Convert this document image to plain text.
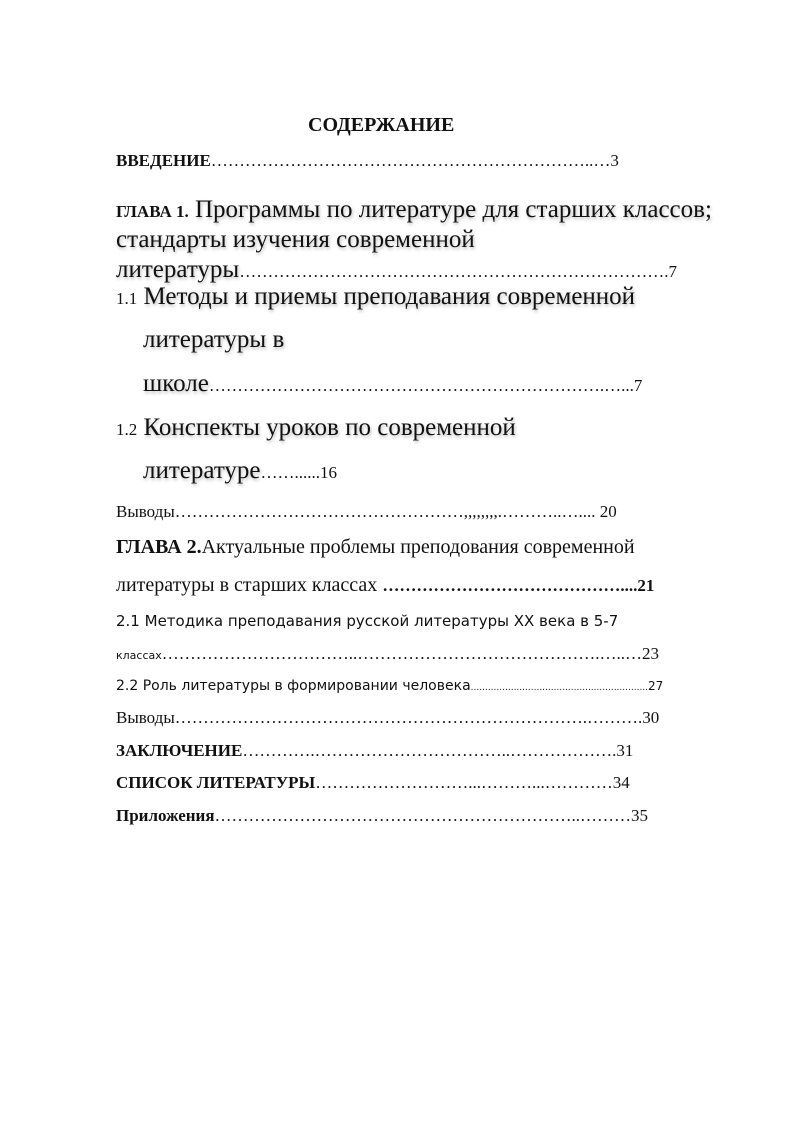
СОДЕРЖАНИЕ
ВВЕДЕНИЕ…………………………………………………………..…3
ГЛАВА 1. Программы по литературе для старших классов;
стандарты изучения современной
литературы………………………………………………………………….7
1.1 Методы и приемы преподавания современной
литературы в
школе…………………………………………………………….…...7
1.2 Конспекты уроков по современной
литературе……......16
Выводы……………………………………………,,,,,,,,.………..….... 20
ГЛАВА 2.Актуальные проблемы преподования современной
литературы в старших классах ……………………………………....21
2.1 Методика преподавания русской литературы XX века в 5-7
классах……………………………..…………………………………….…..…23
2.2 Роль литературы в формировании человека..............................................................27
Выводы……………………………………………………………….……….30
ЗАКЛЮЧЕНИЕ………….……………………………..……………….31
СПИСОК ЛИТЕРАТУРЫ………………………...………...…………34
Приложения………………………………………………………..………35
